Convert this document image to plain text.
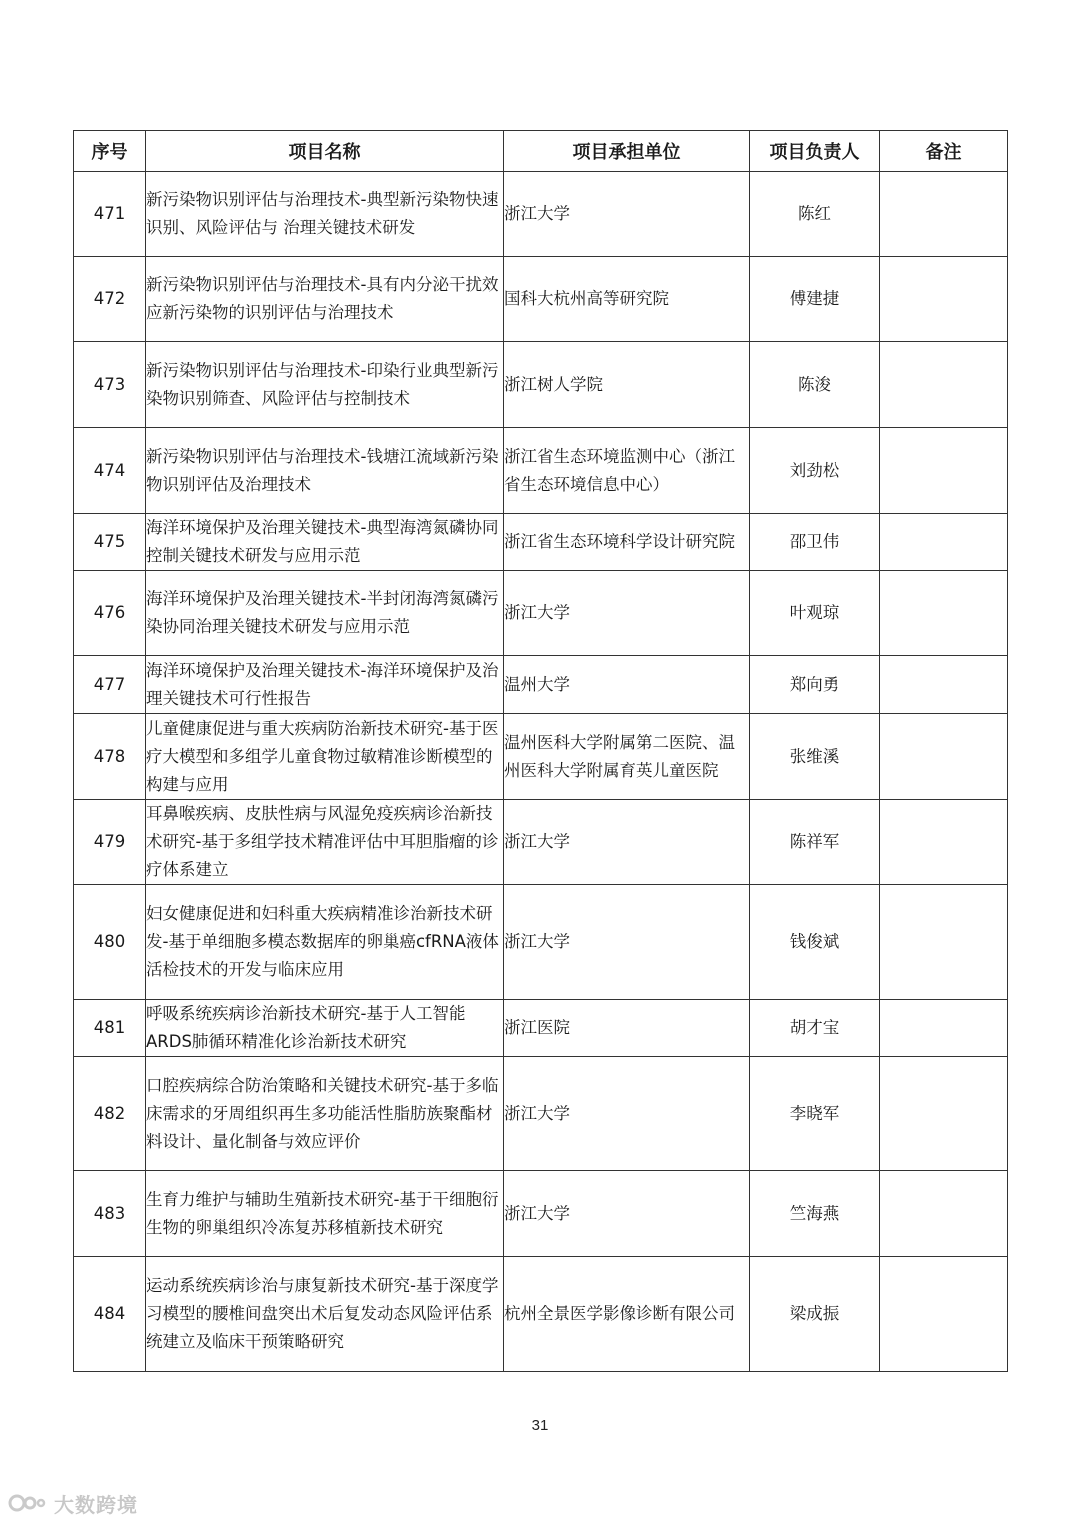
序号	项目名称	项目承担单位	项目负责人	备注
471	新污染物识别评估与治理技术-典型新污染物快速识别、风险评估与 治理关键技术研发	浙江大学	陈红	
472	新污染物识别评估与治理技术-具有内分泌干扰效应新污染物的识别评估与治理技术	国科大杭州高等研究院	傅建捷	
473	新污染物识别评估与治理技术-印染行业典型新污染物识别筛查、风险评估与控制技术	浙江树人学院	陈浚	
474	新污染物识别评估与治理技术-钱塘江流域新污染物识别评估及治理技术	浙江省生态环境监测中心（浙江省生态环境信息中心）	刘劲松	
475	海洋环境保护及治理关键技术-典型海湾氮磷协同控制关键技术研发与应用示范	浙江省生态环境科学设计研究院	邵卫伟	
476	海洋环境保护及治理关键技术-半封闭海湾氮磷污染协同治理关键技术研发与应用示范	浙江大学	叶观琼	
477	海洋环境保护及治理关键技术-海洋环境保护及治理关键技术可行性报告	温州大学	郑向勇	
478	儿童健康促进与重大疾病防治新技术研究-基于医疗大模型和多组学儿童食物过敏精准诊断模型的构建与应用	温州医科大学附属第二医院、温州医科大学附属育英儿童医院	张维溪	
479	耳鼻喉疾病、皮肤性病与风湿免疫疾病诊治新技术研究-基于多组学技术精准评估中耳胆脂瘤的诊疗体系建立	浙江大学	陈祥军	
480	妇女健康促进和妇科重大疾病精准诊治新技术研发-基于单细胞多模态数据库的卵巢癌cfRNA液体活检技术的开发与临床应用	浙江大学	钱俊斌	
481	呼吸系统疾病诊治新技术研究-基于人工智能ARDS肺循环精准化诊治新技术研究	浙江医院	胡才宝	
482	口腔疾病综合防治策略和关键技术研究-基于多临床需求的牙周组织再生多功能活性脂肪族聚酯材料设计、量化制备与效应评价	浙江大学	李晓军	
483	生育力维护与辅助生殖新技术研究-基于干细胞衍生物的卵巢组织冷冻复苏移植新技术研究	浙江大学	竺海燕	
484	运动系统疾病诊治与康复新技术研究-基于深度学习模型的腰椎间盘突出术后复发动态风险评估系统建立及临床干预策略研究	杭州全景医学影像诊断有限公司	梁成振	
31
大数跨境
